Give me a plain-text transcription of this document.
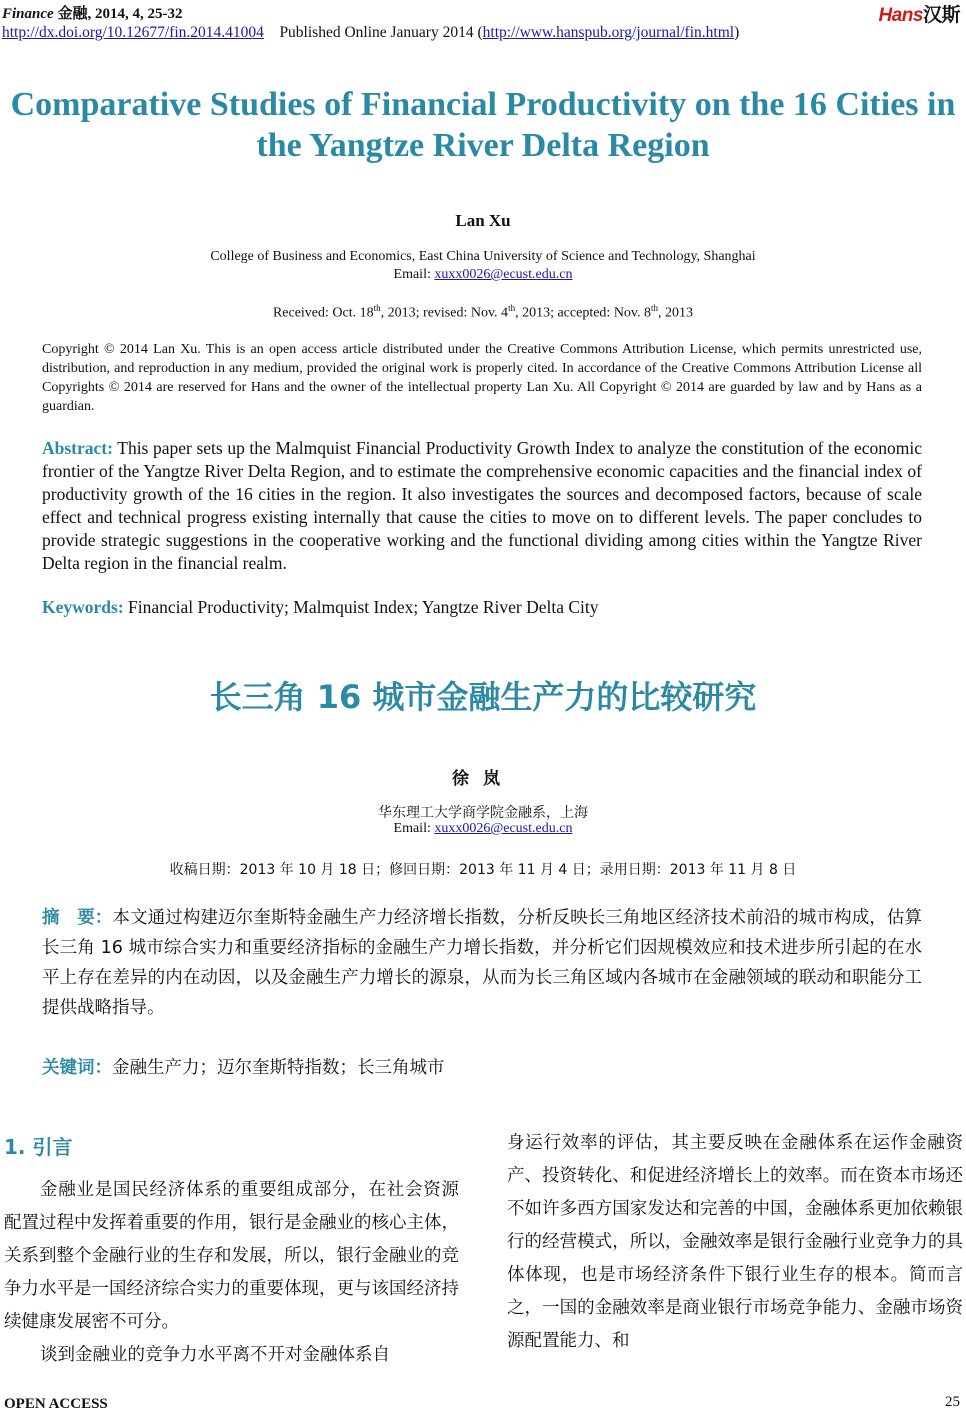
Finance 金融, 2014, 4, 25-32
http://dx.doi.org/10.12677/fin.2014.41004 Published Online January 2014 (http://www.hanspub.org/journal/fin.html)
Hans汉斯
Comparative Studies of Financial Productivity on the 16 Cities in the Yangtze River Delta Region
Lan Xu
College of Business and Economics, East China University of Science and Technology, Shanghai
Email: xuxx0026@ecust.edu.cn
Received: Oct. 18th, 2013; revised: Nov. 4th, 2013; accepted: Nov. 8th, 2013
Copyright © 2014 Lan Xu. This is an open access article distributed under the Creative Commons Attribution License, which permits unrestricted use, distribution, and reproduction in any medium, provided the original work is properly cited. In accordance of the Creative Commons Attribution License all Copyrights © 2014 are reserved for Hans and the owner of the intellectual property Lan Xu. All Copyright © 2014 are guarded by law and by Hans as a guardian.
Abstract: This paper sets up the Malmquist Financial Productivity Growth Index to analyze the constitution of the economic frontier of the Yangtze River Delta Region, and to estimate the comprehensive economic capacities and the financial index of productivity growth of the 16 cities in the region. It also investigates the sources and decomposed factors, because of scale effect and technical progress existing internally that cause the cities to move on to different levels. The paper concludes to provide strategic suggestions in the cooperative working and the functional dividing among cities within the Yangtze River Delta region in the financial realm.
Keywords: Financial Productivity; Malmquist Index; Yangtze River Delta City
长三角 16 城市金融生产力的比较研究
徐岚
华东理工大学商学院金融系，上海
Email: xuxx0026@ecust.edu.cn
收稿日期：2013 年 10 月 18 日；修回日期：2013 年 11 月 4 日；录用日期：2013 年 11 月 8 日
摘　要：本文通过构建迈尔奎斯特金融生产力经济增长指数，分析反映长三角地区经济技术前沿的城市构成，估算长三角 16 城市综合实力和重要经济指标的金融生产力增长指数，并分析它们因规模效应和技术进步所引起的在水平上存在差异的内在动因，以及金融生产力增长的源泉，从而为长三角区域内各城市在金融领域的联动和职能分工提供战略指导。
关键词：金融生产力；迈尔奎斯特指数；长三角城市
1. 引言

金融业是国民经济体系的重要组成部分，在社会资源配置过程中发挥着重要的作用，银行是金融业的核心主体，关系到整个金融行业的生存和发展，所以，银行金融业的竞争力水平是一国经济综合实力的重要体现，更与该国经济持续健康发展密不可分。

谈到金融业的竞争力水平离不开对金融体系自

身运行效率的评估，其主要反映在金融体系在运作金融资产、投资转化、和促进经济增长上的效率。而在资本市场还不如许多西方国家发达和完善的中国，金融体系更加依赖银行的经营模式，所以，金融效率是银行金融行业竞争力的具体体现，也是市场经济条件下银行业生存的根本。简而言之，一国的金融效率是商业银行市场竞争能力、金融市场资源配置能力、和

OPEN ACCESS	25
